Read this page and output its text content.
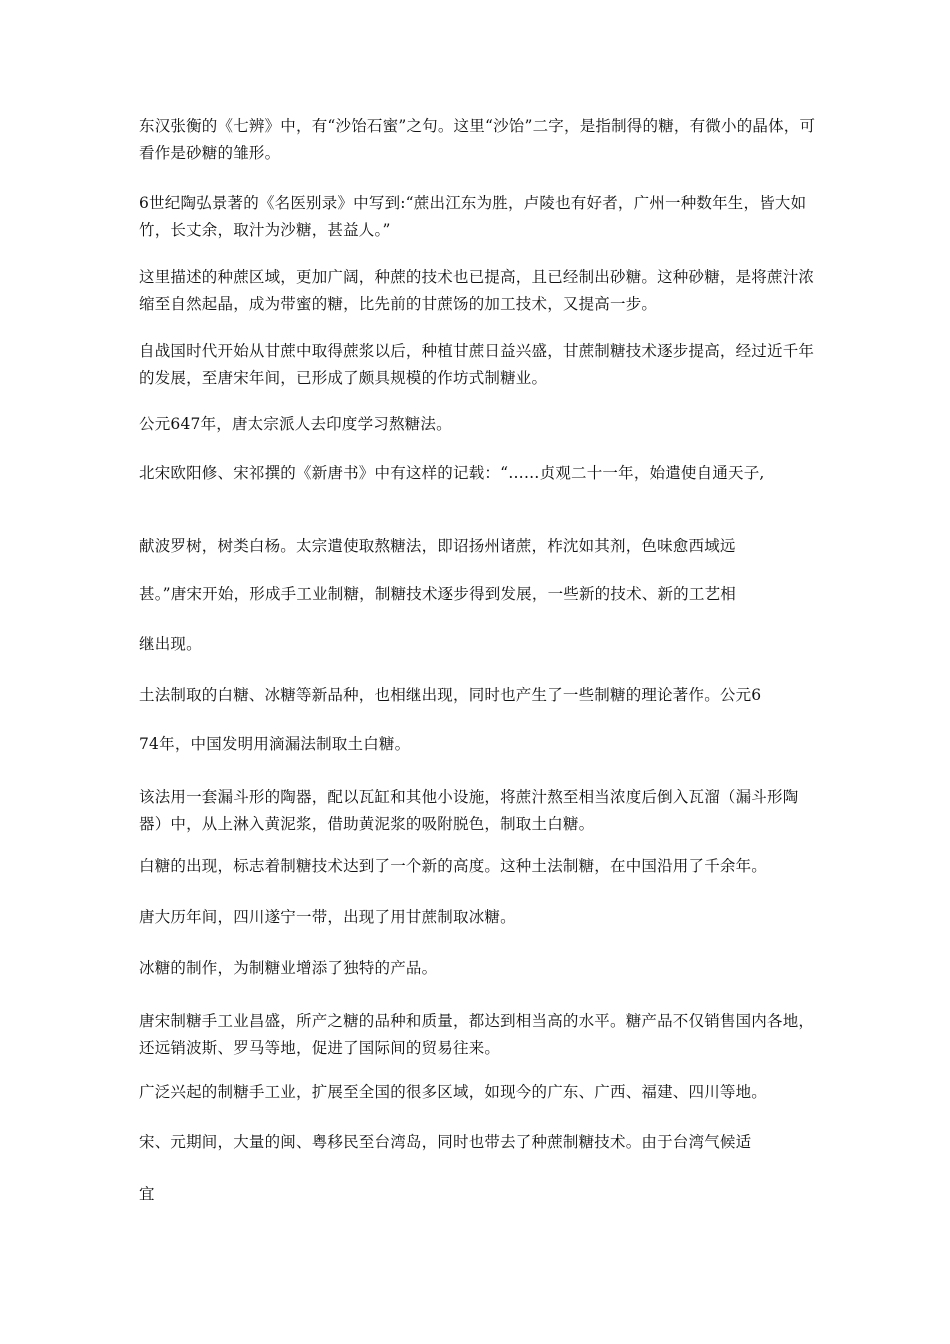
东汉张衡的《七辨》中，有“沙饴石蜜”之句。这里“沙饴”二字，是指制得的糖，有微小的晶体，可看作是砂糖的雏形。

6世纪陶弘景著的《名医别录》中写到:“蔗出江东为胜，卢陵也有好者，广州一种数年生，皆大如竹，长丈余，取汁为沙糖，甚益人。”

这里描述的种蔗区域，更加广阔，种蔗的技术也已提高，且已经制出砂糖。这种砂糖，是将蔗汁浓缩至自然起晶，成为带蜜的糖，比先前的甘蔗饧的加工技术，又提高一步。

自战国时代开始从甘蔗中取得蔗浆以后，种植甘蔗日益兴盛，甘蔗制糖技术逐步提高，经过近千年的发展，至唐宋年间，已形成了颇具规模的作坊式制糖业。

公元647年，唐太宗派人去印度学习熬糖法。

北宋欧阳修、宋祁撰的《新唐书》中有这样的记载：“……贞观二十一年，始遣使自通天子,

献波罗树，树类白杨。太宗遣使取熬糖法，即诏扬州诸蔗，柞沈如其剂，色味愈西域远

甚。”唐宋开始，形成手工业制糖，制糖技术逐步得到发展，一些新的技术、新的工艺相

继出现。

土法制取的白糖、冰糖等新品种，也相继出现，同时也产生了一些制糖的理论著作。公元6

74年，中国发明用滴漏法制取土白糖。

该法用一套漏斗形的陶器，配以瓦缸和其他小设施，将蔗汁熬至相当浓度后倒入瓦溜（漏斗形陶器）中，从上淋入黄泥浆，借助黄泥浆的吸附脱色，制取土白糖。

白糖的出现，标志着制糖技术达到了一个新的高度。这种土法制糖，在中国沿用了千余年。

唐大历年间，四川遂宁一带，出现了用甘蔗制取冰糖。

冰糖的制作，为制糖业增添了独特的产品。

唐宋制糖手工业昌盛，所产之糖的品种和质量，都达到相当高的水平。糖产品不仅销售国内各地，还远销波斯、罗马等地，促进了国际间的贸易往来。

广泛兴起的制糖手工业，扩展至全国的很多区域，如现今的广东、广西、福建、四川等地。

宋、元期间，大量的闽、粤移民至台湾岛，同时也带去了种蔗制糖技术。由于台湾气候适

宜
